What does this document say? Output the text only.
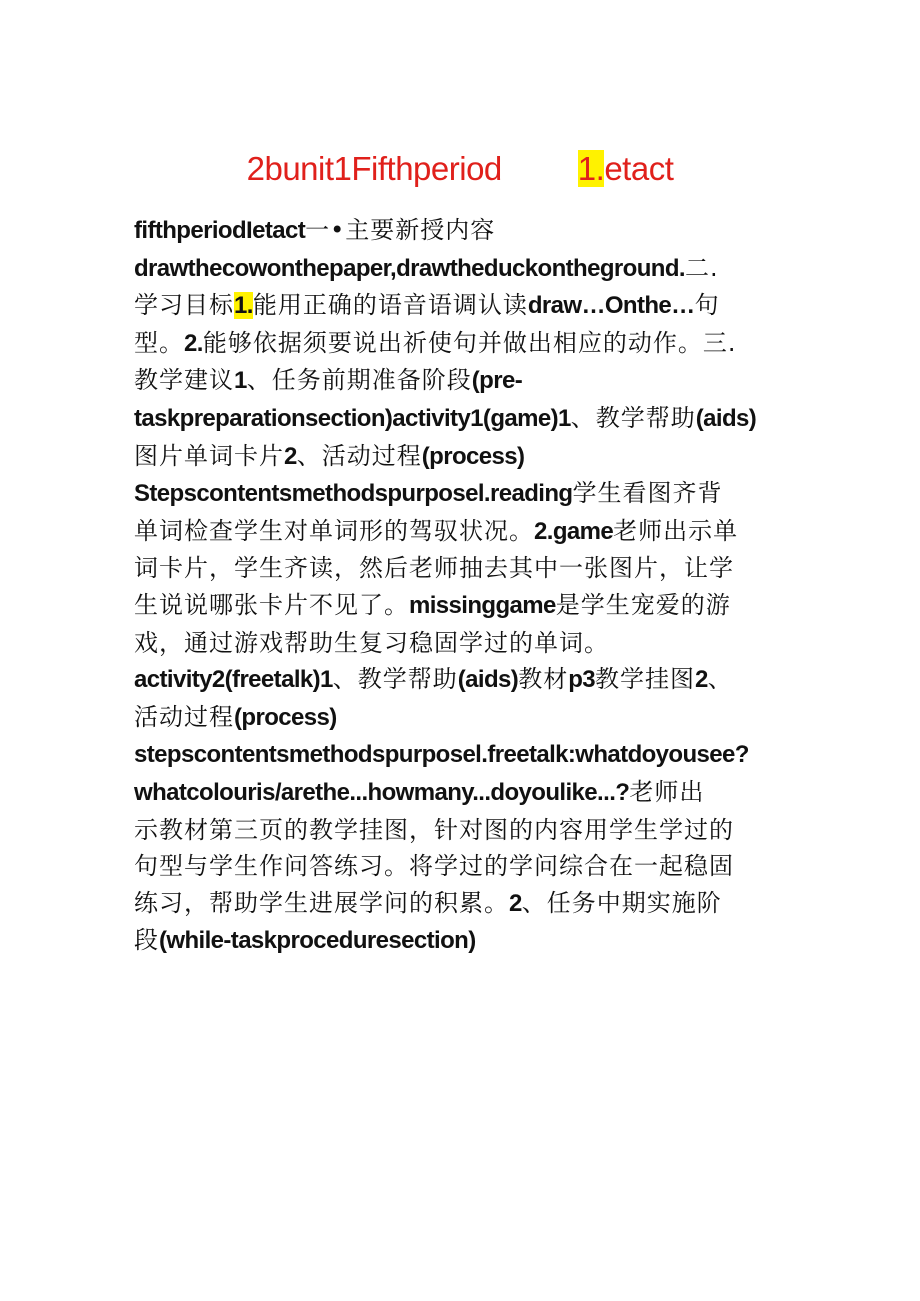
2bunit1Fifthperiod 1.etact

fifthperiodIetact一•主要新授内容
drawthecowonthepaper,drawtheduckontheground.二.
学习目标1.能用正确的语音语调认读draw…Onthe…句
型。2.能够依据须要说出祈使句并做出相应的动作。三.
教学建议1、任务前期准备阶段(pre-
taskpreparationsection)activity1(game)1、教学帮助(aids)
图片单词卡片2、活动过程(process)

Stepscontentsmethodspurposel.reading学生看图齐背
单词检查学生对单词形的驾驭状况。2.game老师出示单
词卡片，学生齐读，然后老师抽去其中一张图片，让学
生说说哪张卡片不见了。missinggame是学生宠爱的游
戏，通过游戏帮助生复习稳固学过的单词。

activity2(freetalk)1、教学帮助(aids)教材p3教学挂图2、
活动过程(process)

stepscontentsmethodspurposel.freetalk:whatdoyousee?
whatcolouris/arethe...howmany...doyoulike...?老师出
示教材第三页的教学挂图，针对图的内容用学生学过的
句型与学生作问答练习。将学过的学问综合在一起稳固
练习，帮助学生进展学问的积累。2、任务中期实施阶
段(while-taskproceduresection)
